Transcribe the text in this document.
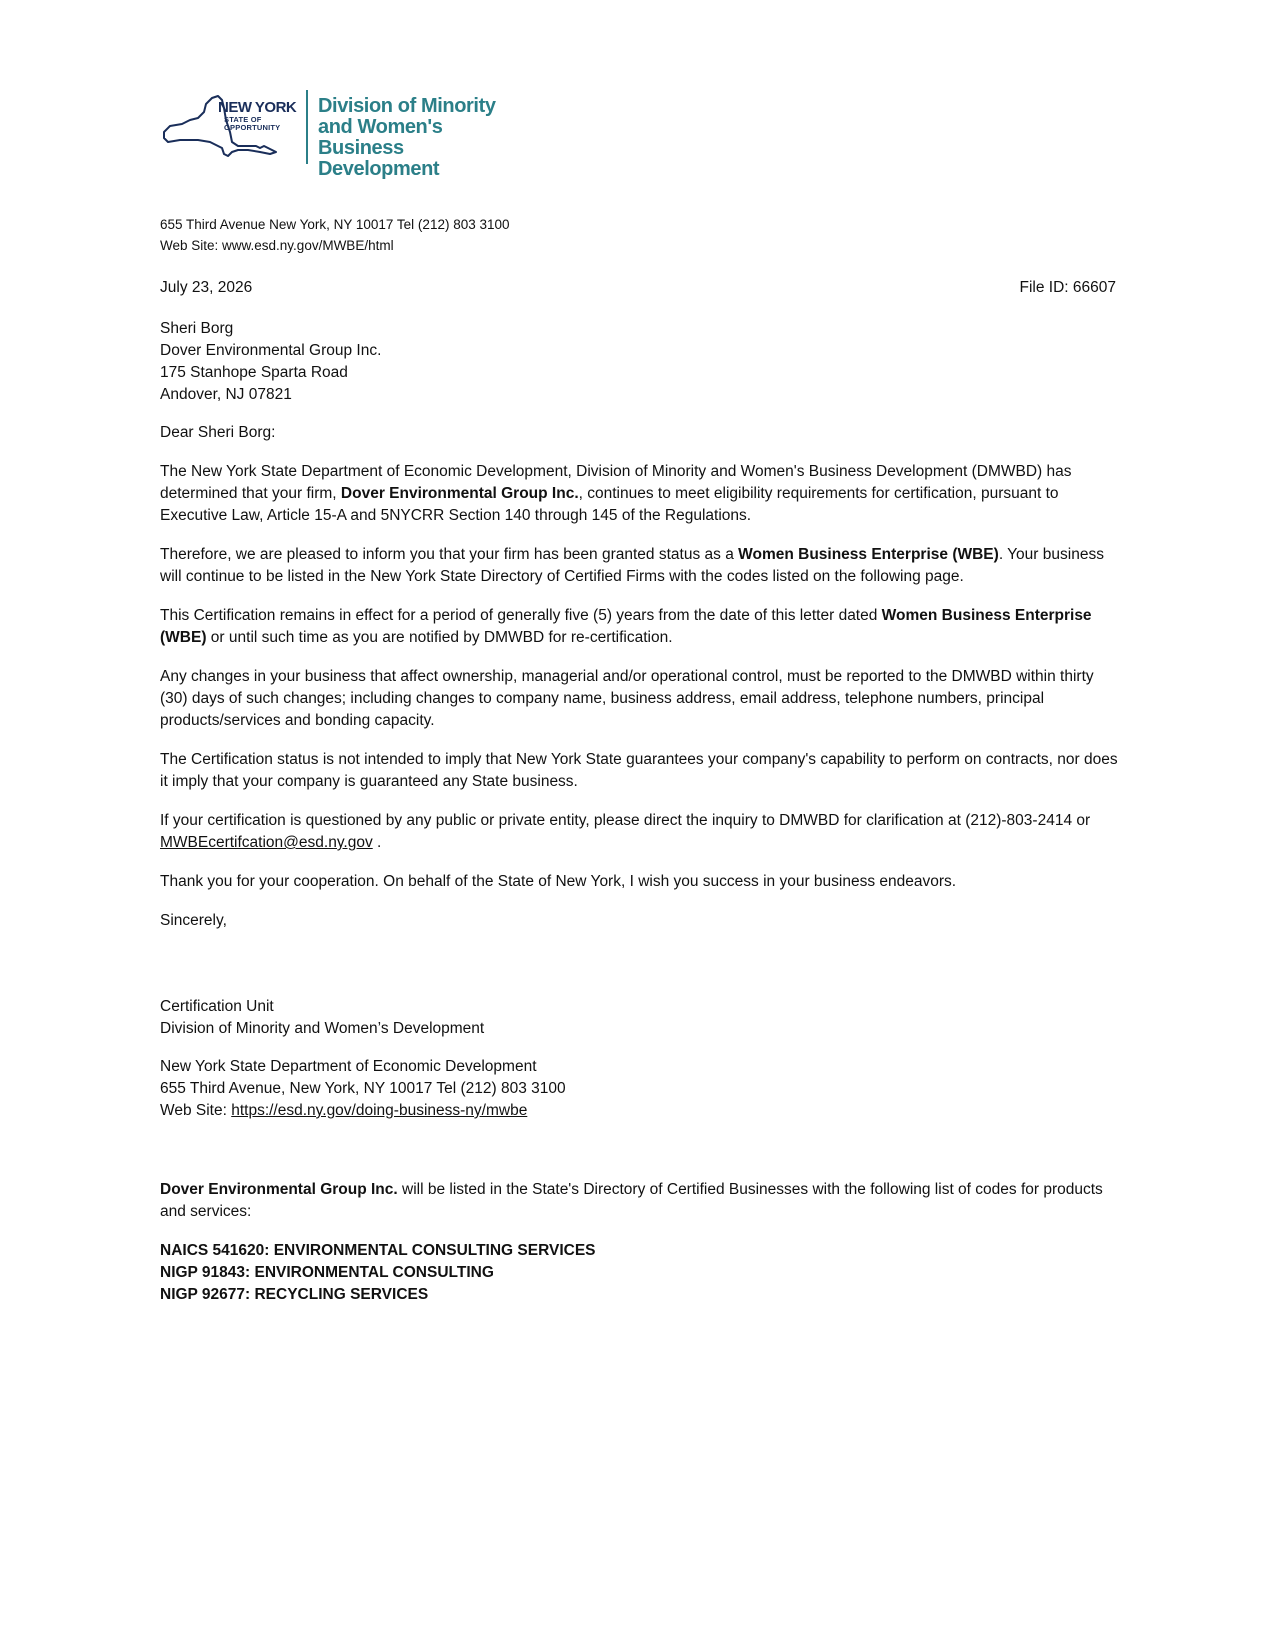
NEW YORK
STATE OF
OPPORTUNITY
Division of Minority
and Women's
Business Development
655 Third Avenue New York, NY 10017 Tel (212) 803 3100
Web Site: www.esd.ny.gov/MWBE/html
July 23, 2026	File ID: 66607
Sheri Borg
Dover Environmental Group Inc.
175 Stanhope Sparta Road
Andover, NJ 07821

Dear Sheri Borg:

The New York State Department of Economic Development, Division of Minority and Women's Business Development (DMWBD) has determined that your firm, Dover Environmental Group Inc., continues to meet eligibility requirements for certification, pursuant to Executive Law, Article 15-A and 5NYCRR Section 140 through 145 of the Regulations.

Therefore, we are pleased to inform you that your firm has been granted status as a Women Business Enterprise (WBE). Your business will continue to be listed in the New York State Directory of Certified Firms with the codes listed on the following page.

This Certification remains in effect for a period of generally five (5) years from the date of this letter dated Women Business Enterprise (WBE) or until such time as you are notified by DMWBD for re-certification.

Any changes in your business that affect ownership, managerial and/or operational control, must be reported to the DMWBD within thirty (30) days of such changes; including changes to company name, business address, email address, telephone numbers, principal products/services and bonding capacity.

The Certification status is not intended to imply that New York State guarantees your company's capability to perform on contracts, nor does it imply that your company is guaranteed any State business.

If your certification is questioned by any public or private entity, please direct the inquiry to DMWBD for clarification at (212)-803-2414 or MWBEcertifcation@esd.ny.gov .

Thank you for your cooperation. On behalf of the State of New York, I wish you success in your business endeavors.

Sincerely,

Certification Unit
Division of Minority and Women’s Development
New York State Department of Economic Development
655 Third Avenue, New York, NY 10017 Tel (212) 803 3100
Web Site: https://esd.ny.gov/doing-business-ny/mwbe
Dover Environmental Group Inc. will be listed in the State's Directory of Certified Businesses with the following list of codes for products and services:
NAICS 541620: ENVIRONMENTAL CONSULTING SERVICES
NIGP 91843: ENVIRONMENTAL CONSULTING
NIGP 92677: RECYCLING SERVICES
